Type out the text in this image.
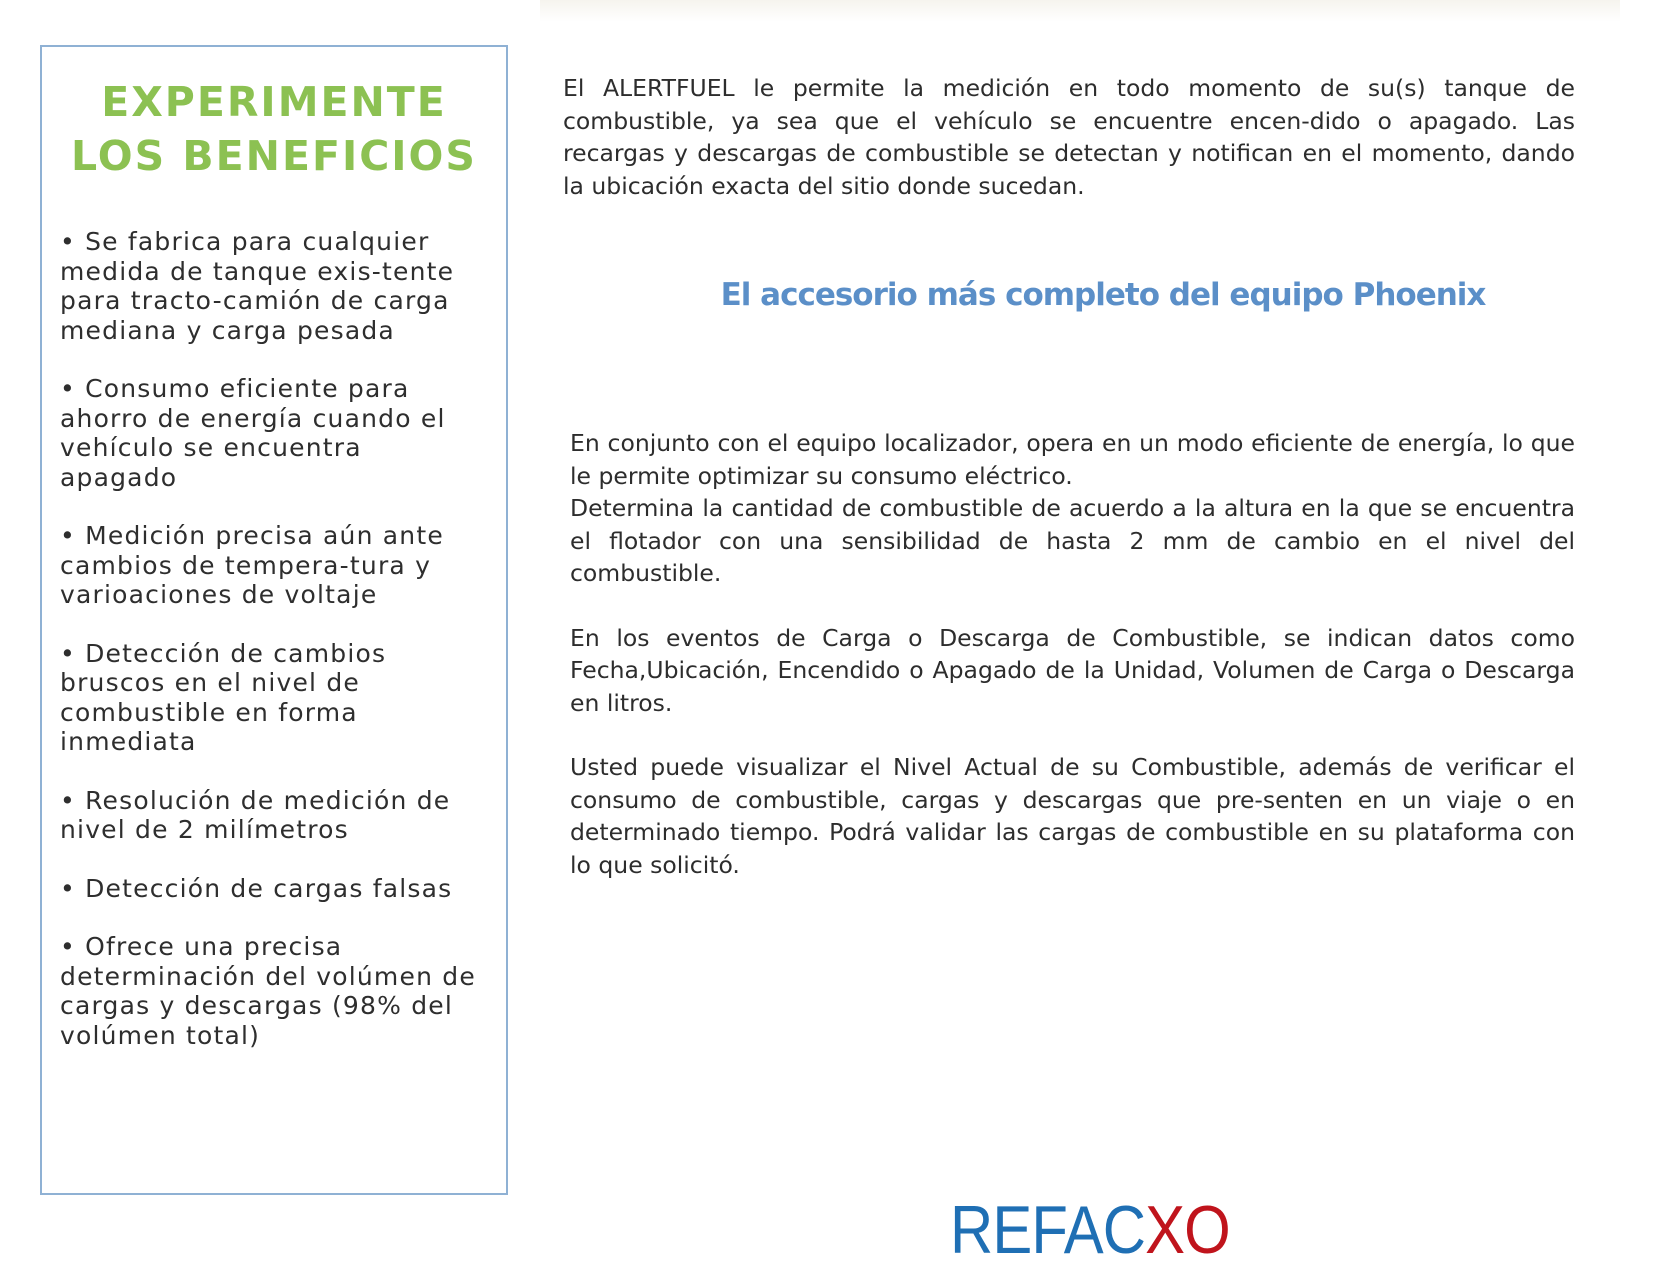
EXPERIMENTE
LOS BENEFICIOS
• Se fabrica para cualquier medida de tanque exis-tente para tracto-camión de carga mediana y carga pesada
• Consumo eficiente para ahorro de energía cuando el vehículo se encuentra apagado
• Medición precisa aún ante cambios de tempera-tura y varioaciones de voltaje
• Detección de cambios bruscos en el nivel de combustible en forma inmediata
• Resolución de medición de nivel de 2 milímetros
• Detección de cargas falsas
• Ofrece una precisa determinación del volúmen de cargas y descargas (98% del volúmen total)

El ALERTFUEL le permite la medición en todo momento de su(s) tanque de combustible, ya sea que el vehículo se encuentre encen-dido o apagado. Las recargas y descargas de combustible se detectan y notifican en el momento, dando la ubicación exacta del sitio donde sucedan.

El accesorio más completo del equipo Phoenix

En conjunto con el equipo localizador, opera en un modo eficiente de energía, lo que le permite optimizar su consumo eléctrico.

Determina la cantidad de combustible de acuerdo a la altura en la que se encuentra el flotador con una sensibilidad de hasta 2 mm de cambio en el nivel del combustible.

En los eventos de Carga o Descarga de Combustible, se indican datos como Fecha,Ubicación, Encendido o Apagado de la Unidad, Volumen de Carga o Descarga en litros.

Usted puede visualizar el Nivel Actual de su Combustible, además de verificar el consumo de combustible, cargas y descargas que pre-senten en un viaje o en determinado tiempo. Podrá validar las cargas de combustible en su plataforma con lo que solicitó.

REFACXO
